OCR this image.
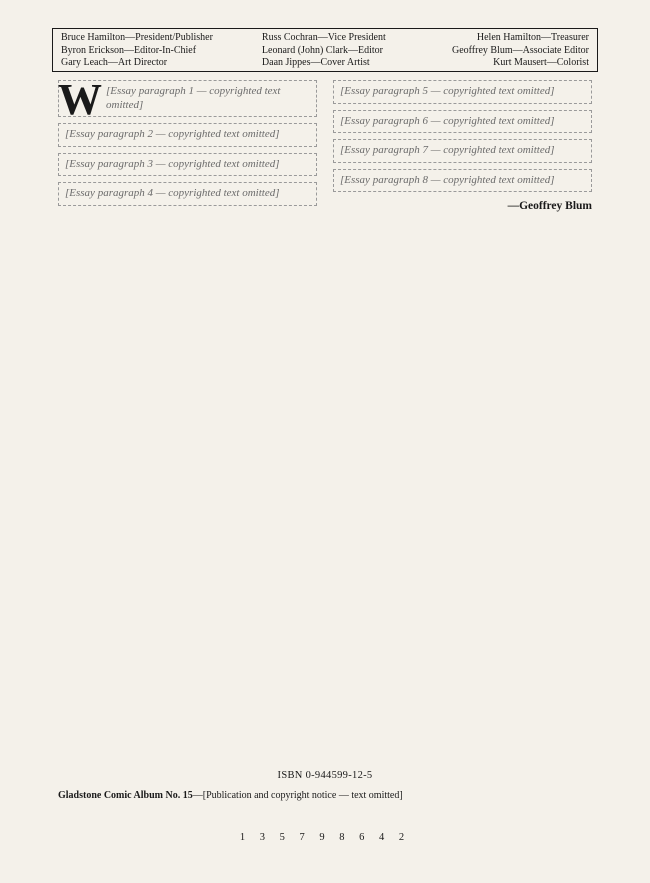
Bruce Hamilton—President/Publisher
Byron Erickson—Editor-In-Chief
Gary Leach—Art Director
Russ Cochran—Vice President
Leonard (John) Clark—Editor
Daan Jippes—Cover Artist
Helen Hamilton—Treasurer
Geoffrey Blum—Associate Editor
Kurt Mausert—Colorist

W [Essay paragraph 1 — copyrighted text omitted]

[Essay paragraph 2 — copyrighted text omitted]

[Essay paragraph 3 — copyrighted text omitted]

[Essay paragraph 4 — copyrighted text omitted]

[Essay paragraph 5 — copyrighted text omitted]

[Essay paragraph 6 — copyrighted text omitted]

[Essay paragraph 7 — copyrighted text omitted]

[Essay paragraph 8 — copyrighted text omitted]

—Geoffrey Blum
ISBN 0-944599-12-5
Gladstone Comic Album No. 15—[Publication and copyright notice — text omitted]
1 3 5 7 9 8 6 4 2
